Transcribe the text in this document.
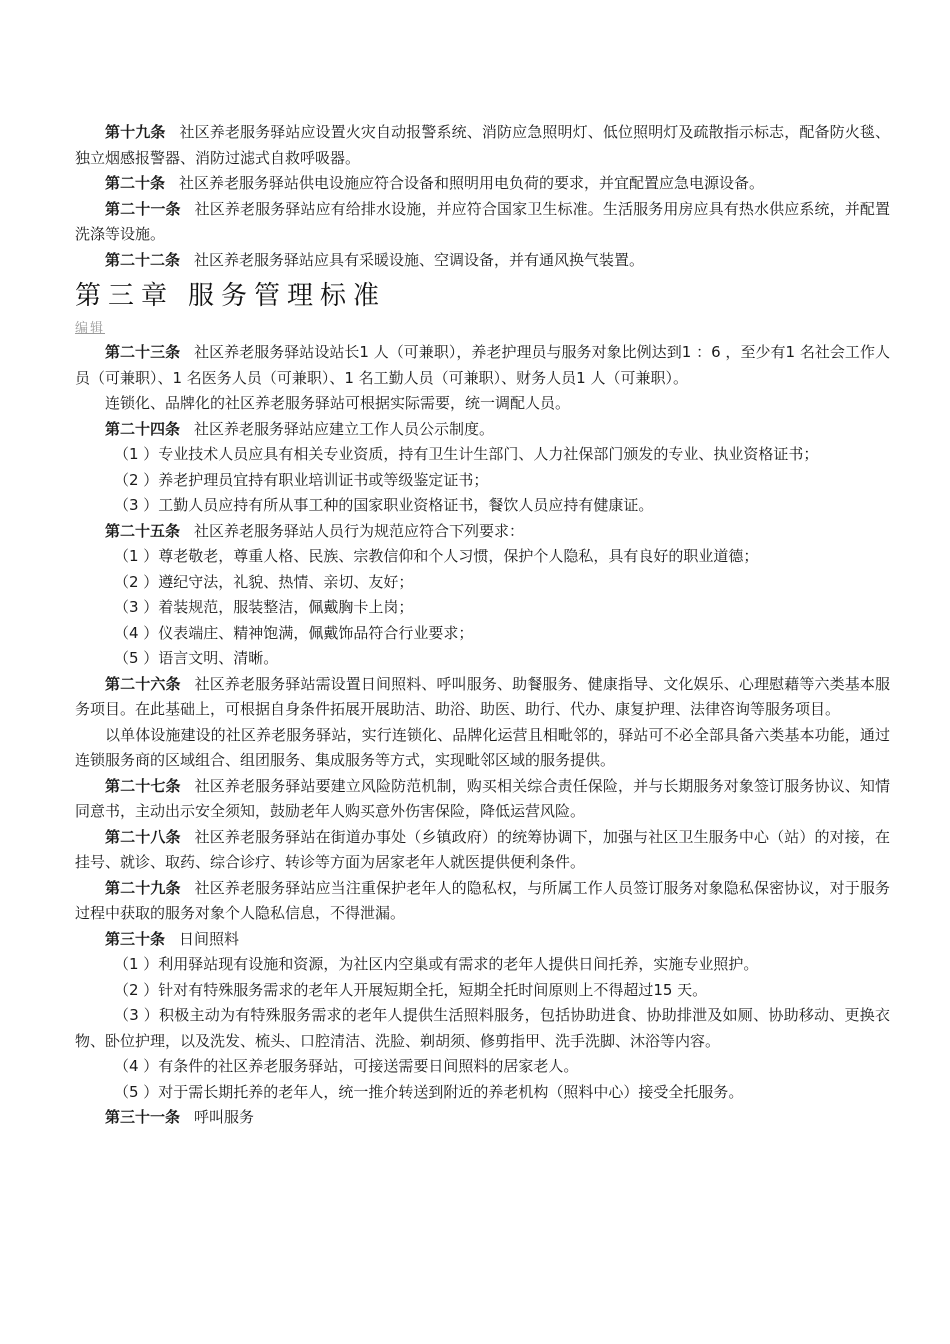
第十九条 社区养老服务驿站应设置火灾自动报警系统、消防应急照明灯、低位照明灯及疏散指示标志，配备防火毯、独立烟感报警器、消防过滤式自救呼吸器。

第二十条 社区养老服务驿站供电设施应符合设备和照明用电负荷的要求，并宜配置应急电源设备。

第二十一条 社区养老服务驿站应有给排水设施，并应符合国家卫生标准。生活服务用房应具有热水供应系统，并配置洗涤等设施。

第二十二条 社区养老服务驿站应具有采暖设施、空调设备，并有通风换气装置。

第三章 服务管理标准
编辑

第二十三条 社区养老服务驿站设站长1 人（可兼职），养老护理员与服务对象比例达到1 ：6 ，至少有1 名社会工作人员（可兼职）、1 名医务人员（可兼职）、1 名工勤人员（可兼职）、财务人员1 人（可兼职）。

连锁化、品牌化的社区养老服务驿站可根据实际需要，统一调配人员。

第二十四条 社区养老服务驿站应建立工作人员公示制度。

（1 ）专业技术人员应具有相关专业资质，持有卫生计生部门、人力社保部门颁发的专业、执业资格证书；

（2 ）养老护理员宜持有职业培训证书或等级鉴定证书；

（3 ）工勤人员应持有所从事工种的国家职业资格证书，餐饮人员应持有健康证。

第二十五条 社区养老服务驿站人员行为规范应符合下列要求：

（1 ）尊老敬老，尊重人格、民族、宗教信仰和个人习惯，保护个人隐私，具有良好的职业道德；

（2 ）遵纪守法，礼貌、热情、亲切、友好；

（3 ）着装规范，服装整洁，佩戴胸卡上岗；

（4 ）仪表端庄、精神饱满，佩戴饰品符合行业要求；

（5 ）语言文明、清晰。

第二十六条 社区养老服务驿站需设置日间照料、呼叫服务、助餐服务、健康指导、文化娱乐、心理慰藉等六类基本服务项目。在此基础上，可根据自身条件拓展开展助洁、助浴、助医、助行、代办、康复护理、法律咨询等服务项目。

以单体设施建设的社区养老服务驿站，实行连锁化、品牌化运营且相毗邻的，驿站可不必全部具备六类基本功能，通过连锁服务商的区域组合、组团服务、集成服务等方式，实现毗邻区域的服务提供。

第二十七条 社区养老服务驿站要建立风险防范机制，购买相关综合责任保险，并与长期服务对象签订服务协议、知情同意书，主动出示安全须知，鼓励老年人购买意外伤害保险，降低运营风险。

第二十八条 社区养老服务驿站在街道办事处（乡镇政府）的统筹协调下，加强与社区卫生服务中心（站）的对接，在挂号、就诊、取药、综合诊疗、转诊等方面为居家老年人就医提供便利条件。

第二十九条 社区养老服务驿站应当注重保护老年人的隐私权，与所属工作人员签订服务对象隐私保密协议，对于服务过程中获取的服务对象个人隐私信息，不得泄漏。

第三十条 日间照料

（1 ）利用驿站现有设施和资源，为社区内空巢或有需求的老年人提供日间托养，实施专业照护。

（2 ）针对有特殊服务需求的老年人开展短期全托，短期全托时间原则上不得超过15 天。

（3 ）积极主动为有特殊服务需求的老年人提供生活照料服务，包括协助进食、协助排泄及如厕、协助移动、更换衣物、卧位护理，以及洗发、梳头、口腔清洁、洗脸、剃胡须、修剪指甲、洗手洗脚、沐浴等内容。

（4 ）有条件的社区养老服务驿站，可接送需要日间照料的居家老人。

（5 ）对于需长期托养的老年人，统一推介转送到附近的养老机构（照料中心）接受全托服务。

第三十一条 呼叫服务
